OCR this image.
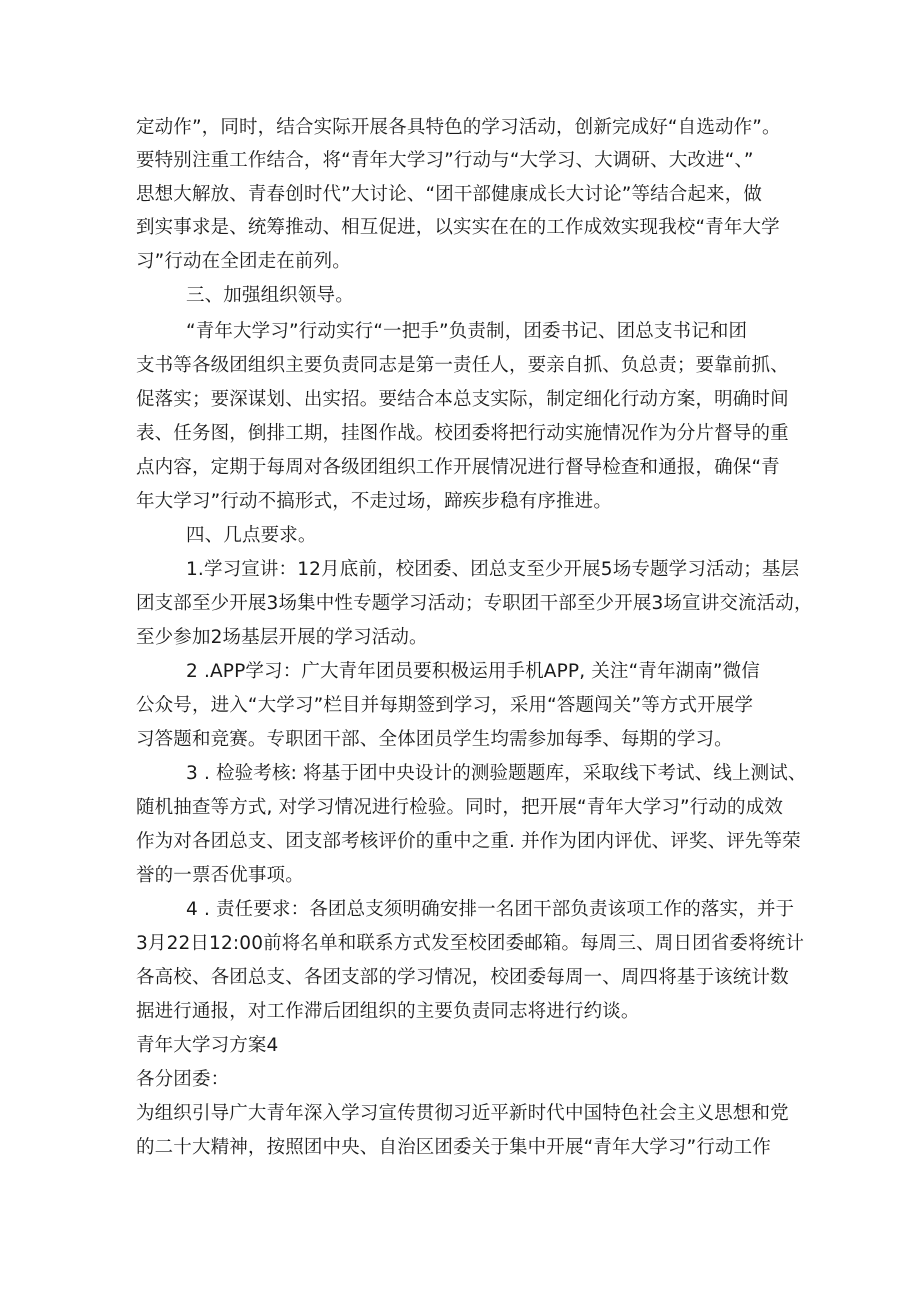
定动作”，同时，结合实际开展各具特色的学习活动，创新完成好“自选动作”。
要特别注重工作结合，将“青年大学习”行动与“大学习、大调研、大改进“、”
思想大解放、青春创时代”大讨论、“团干部健康成长大讨论”等结合起来，做
到实事求是、统筹推动、相互促进，以实实在在的工作成效实现我校“青年大学
习”行动在全团走在前列。
三、加强组织领导。
“青年大学习”行动实行“一把手”负责制，团委书记、团总支书记和团
支书等各级团组织主要负责同志是第一责任人，要亲自抓、负总责；要靠前抓、
促落实；要深谋划、出实招。要结合本总支实际，制定细化行动方案，明确时间
表、任务图，倒排工期，挂图作战。校团委将把行动实施情况作为分片督导的重
点内容，定期于每周对各级团组织工作开展情况进行督导检查和通报，确保“青
年大学习”行动不搞形式，不走过场，蹄疾步稳有序推进。
四、几点要求。
1.学习宣讲：12月底前，校团委、团总支至少开展5场专题学习活动；基层
团支部至少开展3场集中性专题学习活动；专职团干部至少开展3场宣讲交流活动，
至少参加2场基层开展的学习活动。
2 .APP学习：广大青年团员要积极运用手机APP, 关注“青年湖南”微信
公众号，进入“大学习”栏目并每期签到学习，采用“答题闯关”等方式开展学
习答题和竞赛。专职团干部、全体团员学生均需参加每季、每期的学习。
3 . 检验考核: 将基于团中央设计的测验题题库，采取线下考试、线上测试、
随机抽查等方式, 对学习情况进行检验。同时，把开展“青年大学习”行动的成效
作为对各团总支、团支部考核评价的重中之重. 并作为团内评优、评奖、评先等荣
誉的一票否优事项。
4 . 责任要求：各团总支须明确安排一名团干部负责该项工作的落实，并于
3月22日12:00前将名单和联系方式发至校团委邮箱。每周三、周日团省委将统计
各高校、各团总支、各团支部的学习情况，校团委每周一、周四将基于该统计数
据进行通报，对工作滞后团组织的主要负责同志将进行约谈。
青年大学习方案4
各分团委：
为组织引导广大青年深入学习宣传贯彻习近平新时代中国特色社会主义思想和党
的二十大精神，按照团中央、自治区团委关于集中开展“青年大学习”行动工作
